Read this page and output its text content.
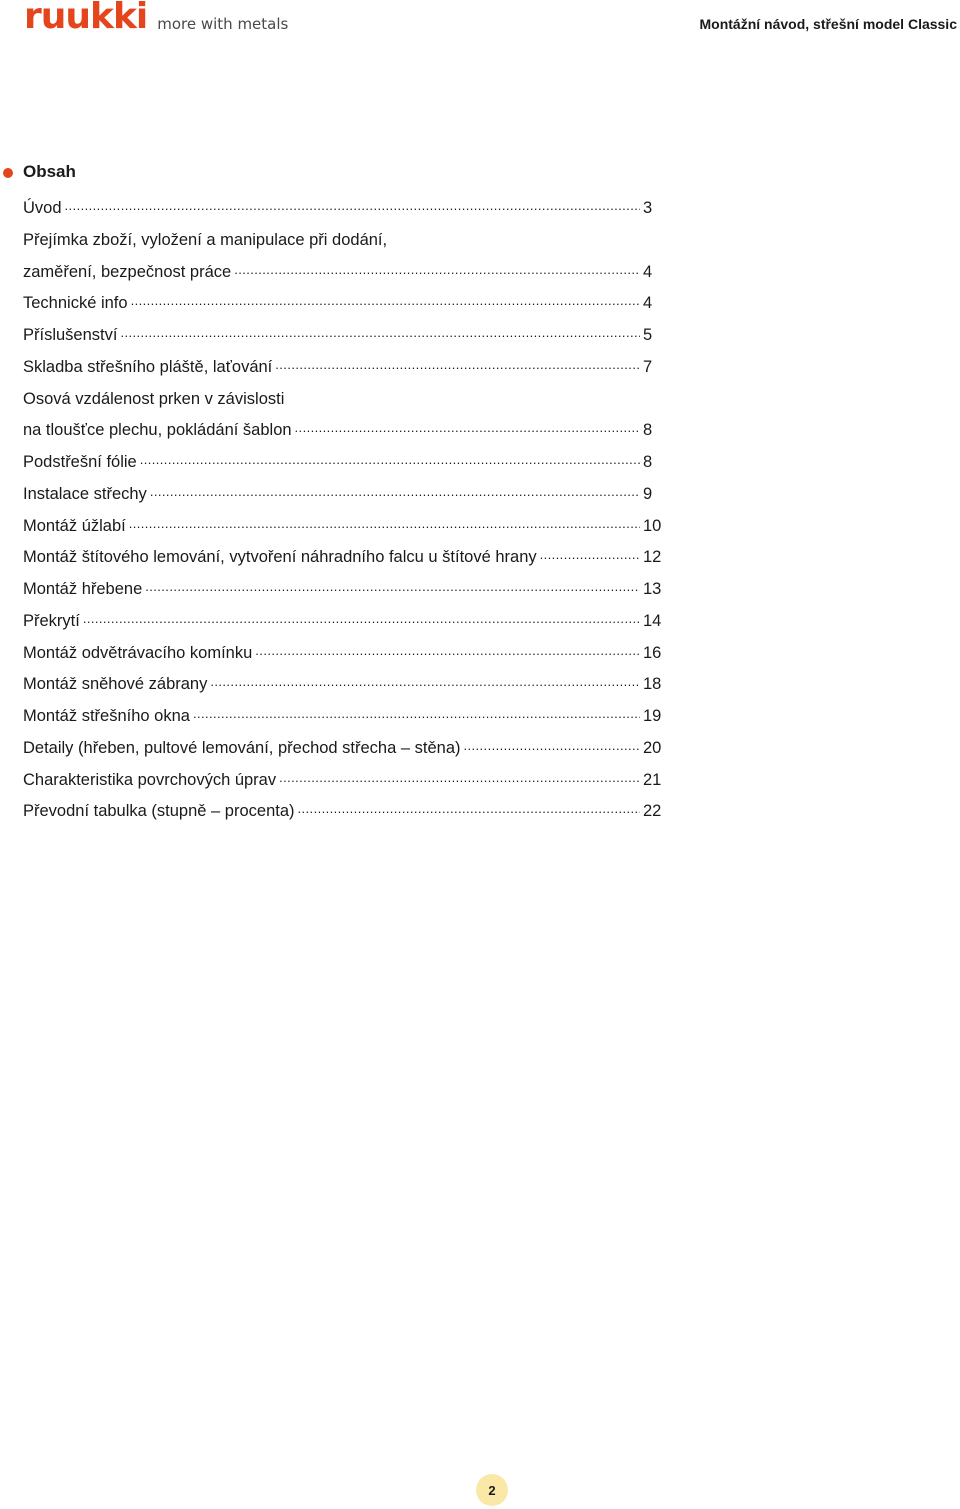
ruukki more with metals	Montážní návod, střešní model Classic
Obsah
Úvod .....	3
Přejímka zboží, vyložení a manipulace při dodání,
zaměření, bezpečnost práce .....	4
Technické info .....	4
Příslušenství .....	5
Skladba střešního pláště, laťování .....	7
Osová vzdálenost prken v závislosti
na tloušťce plechu, pokládání šablon .....	8
Podstřešní fólie .....	8
Instalace střechy .....	9
Montáž úžlabí .....	10
Montáž štítového lemování, vytvoření náhradního falcu u štítové hrany .....	12
Montáž hřebene .....	13
Překrytí .....	14
Montáž odvětrávacího komínku .....	16
Montáž sněhové zábrany .....	18
Montáž střešního okna .....	19
Detaily (hřeben, pultové lemování, přechod střecha – stěna) .....	20
Charakteristika povrchových úprav .....	21
Převodní tabulka (stupně – procenta) .....	22
2
